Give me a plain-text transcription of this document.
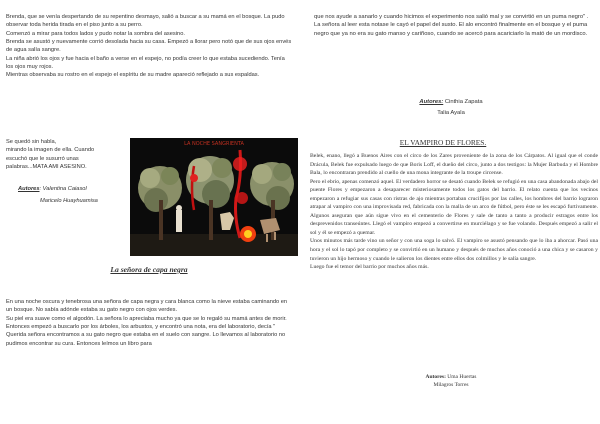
Brenda, que se venía despertando de su repentino desmayo, salió a buscar a su mamá en el bosque. La pudo observar toda herida tirada en el piso junto a su perro.

Comenzó a mirar para todos lados y pudo notar la sombra del asesino.

Brenda se asustó y nuevamente corrió desolada hacia su casa. Empezó a llorar pero notó que de sus ojos envés de agua salía sangre.

La niña abrió los ojos y fue hacia el baño a verse en el espejo, no podía creer lo que estaba sucediendo. Tenía los ojos muy rojos.

Mientras observaba su rostro en el espejo el espíritu de su madre apareció reflejado a sus espaldas.

Se quedó sin habla,

mirando la imagen de ella. Cuando

escuchó que le susurró unas

palabras...MATA AMI ASESINO.

Autores: Valentina Caiasol

Maricelo Huayhuamisa

LA NOCHE SANGRIENTA
La señora de capa negra

En una noche oscura y tenebrosa una señora de capa negra y cara blanca como la nieve estaba caminando en un bosque. No sabía adónde estaba su gato negro con ojos verdes.

Su piel era suave como el algodón. La señora lo apreciaba mucho ya que se lo regaló su mamá antes de morir.

Entonces empezó a buscarlo por los árboles, los arbustos, y encontró una nota, era del laboratorio, decía " Queridа señora encontramos a su gato negro que estaba en el suelo con sangre. Lo llevamos al laboratorio no pudimos encontrar su cura. Entonces leímos un libro para

que nos ayude a sanarlo y cuando hicimos el experimento nos salió mal y se convirtió en un puma negro" .

La señora al leer esta notase le cayó el papel del susto. El alo encontró finalmente en el bosque y el puma negro que ya no era su gato manso y cariñoso, cuando se acercó para acariciarlo la mató de un mordisco.

Autores: Cinthia Zapata

Talia Ayala

EL VAMPIRO DE FLORES.

Belek, enano, llegó a Buenos Aires con el circo de los Zares proveniente de la zona de los Cárpatos. Al igual que el conde Drácula, Belek fue expulsado luego de que Boris Loff, el dueño del circo, junto a dos testigos: la Mujer Barbuda y el Hombre Bala, lo encontraran prendido al cuello de una mona integrante de la troupe circense.

Pero el ebrio, apenas comenzó aquel. El verdadero horror se desató cuando Belek se refugió en una casa abandonada abajo del puente Flores y empezaron a desaparecer misteriosamente todos los gatos del barrio. El relato cuenta que los vecinos empezaron a refugiar sus casas con ristras de ajo mientras portaban crucifijos por las calles, los hombres del barrio lograron atrapar al vampiro con una improvisada red, fabricada con la malla de un arco de fútbol, pero éste se les escapó furtivamente. Algunos aseguran que aún sigue vivo en el cementerio de Flores y sale de tanto a tanto a producir estragos entre los desprevenidos transeúntes. Llegó el vampiro empezó a convertirse en murciélago y se fue volando. Después empezó a salir el sol y él se empezó a quemar.

Unos minutos más tarde vino un señor y con una soga lo salvó. El vampiro se asustó pensando que lo iba a ahorcar. Pasó una hora y el sol lo tapó por completo y se convirtió en un humano y después de muchos años conoció a una chica y se casaron y tuvieron un hijo hermoso y cuando le salieron los dientes entre ellos dos colmillos y le salía sangre.

Luego fue el temor del barrio por muchos años más.

Autores: Uma Huertas

Milagros Torres
